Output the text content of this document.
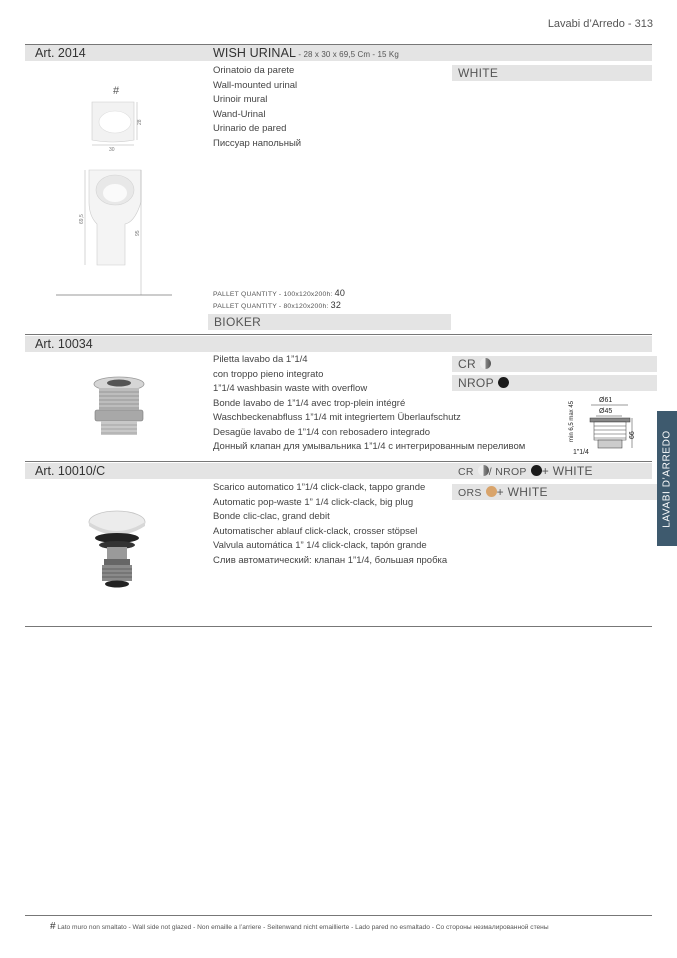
Lavabi d’Arredo - 313
Art. 2014	WISH URINAL - 28 x 30 x 69,5 Cm - 15 Kg
Orinatoio da parete
Wall-mounted urinal
Urinoir mural
Wand-Urinal
Urinario de pared
Писсуар напольный
WHITE
#
28
30
69,5
95
PALLET QUANTITY - 100x120x200h: 40
PALLET QUANTITY - 80x120x200h: 32
BIOKER
Art. 10034
Piletta lavabo da 1”1/4
con troppo pieno integrato
1”1/4 washbasin waste with overflow
Bonde lavabo de 1”1/4 avec trop-plein intégré
Waschbeckenabfluss 1”1/4 mit integriertem Überlaufschutz
Desagüe lavabo de 1”1/4 con rebosadero integrado
Донный клапан для умывальника 1”1/4 с интегрированным переливом
CR
NROP
Ø61
Ø45
min 6,5 max 45	66
1”1/4
Art. 10010/C	CR / NROP + WHITE
ORS + WHITE
Scarico automatico 1”1/4 click-clack, tappo grande
Automatic pop-waste 1” 1/4 click-clack, big plug
Bonde clic-clac, grand debit
Automatischer ablauf click-clack, crosser stöpsel
Valvula automática 1” 1/4 click-clack, tapón grande
Слив автоматический: клапан 1”1/4, большая пробка
LAVABI D’ARREDO
# Lato muro non smaltato - Wall side not glazed - Non emaille a l’arriere - Seitenwand nicht emaillierte - Lado pared no esmaltado - Со стороны незмалированной стены
